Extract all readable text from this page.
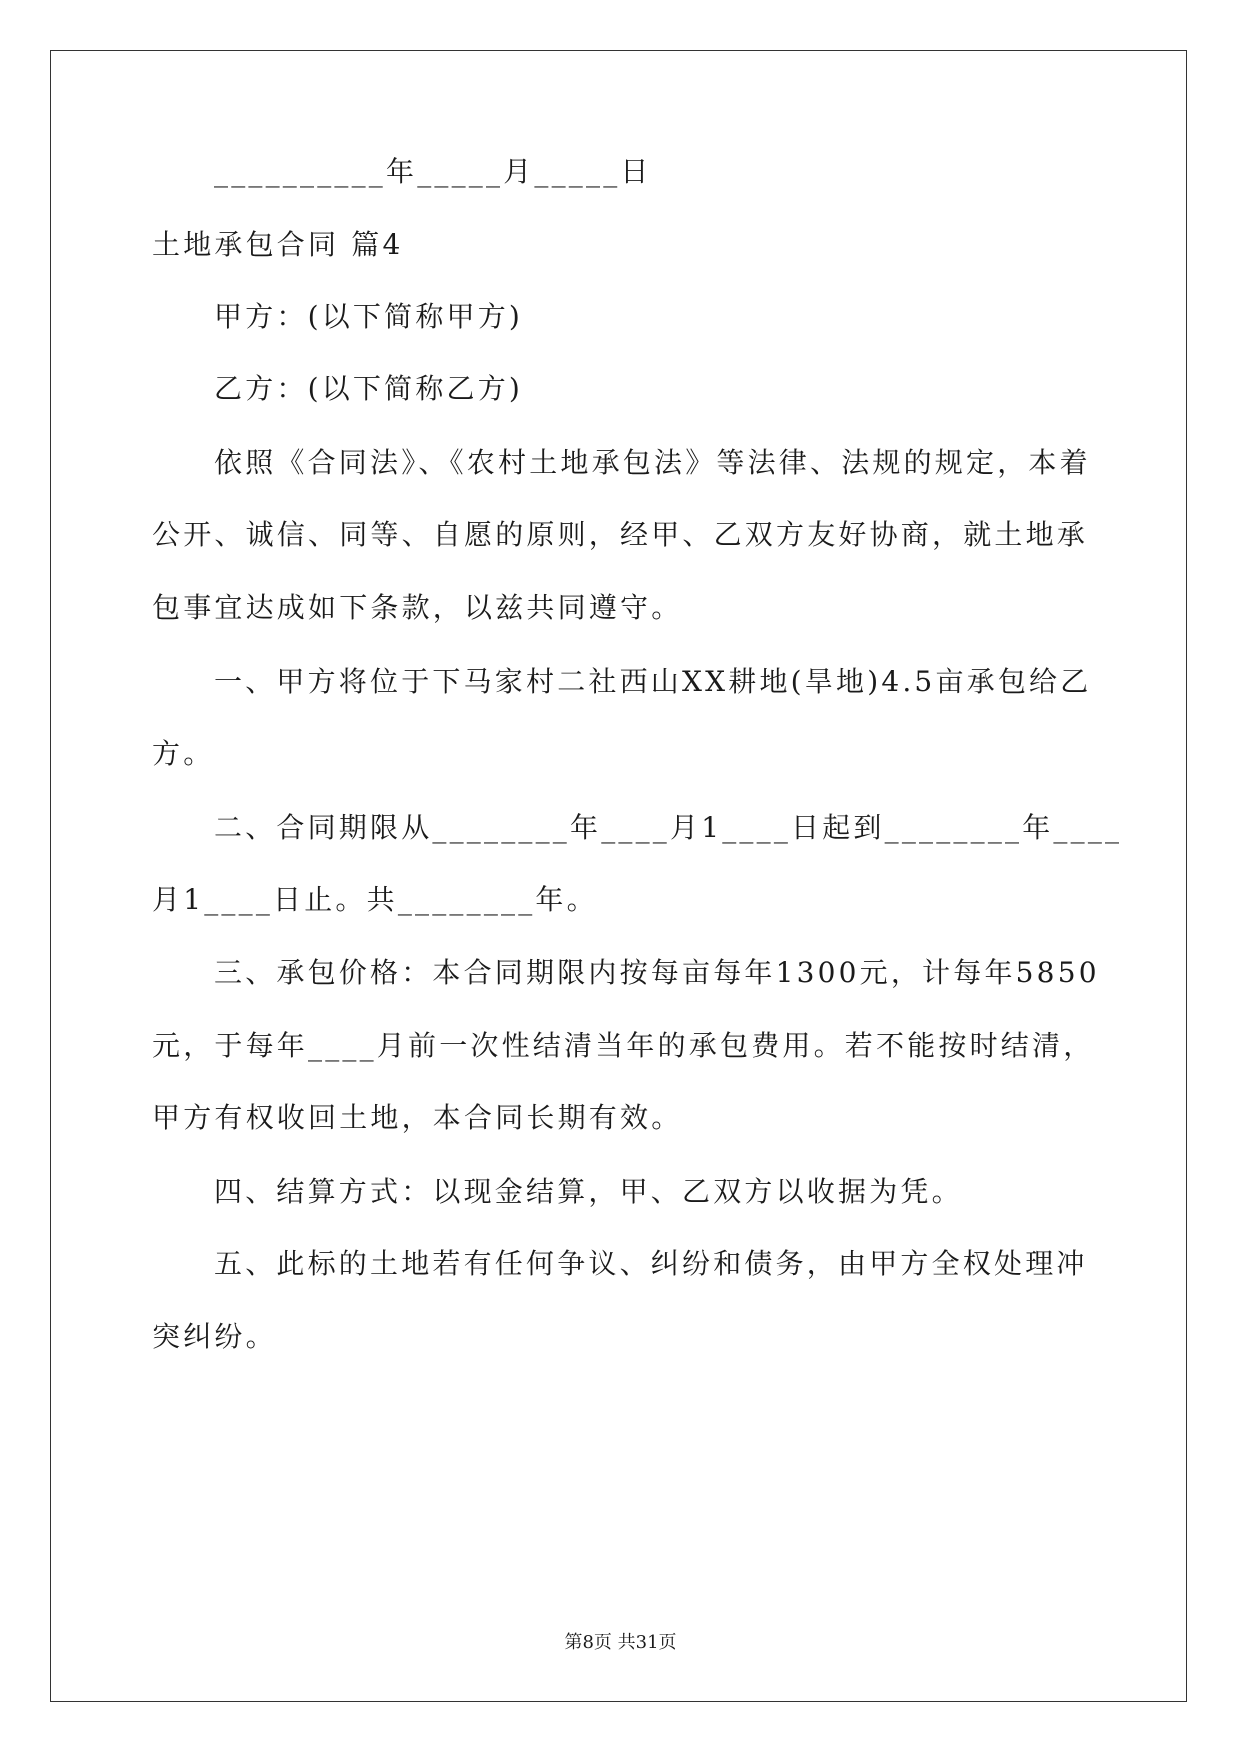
__________年_____月_____日
土地承包合同 篇4
甲方：(以下简称甲方)
乙方：(以下简称乙方)
依照《合同法》、《农村土地承包法》等法律、法规的规定，本着
公开、诚信、同等、自愿的原则，经甲、乙双方友好协商，就土地承
包事宜达成如下条款，以兹共同遵守。
一、甲方将位于下马家村二社西山XX耕地(旱地)4.5亩承包给乙
方。
二、合同期限从________年____月1____日起到________年____
月1____日止。共________年。
三、承包价格：本合同期限内按每亩每年1300元，计每年5850
元，于每年____月前一次性结清当年的承包费用。若不能按时结清，
甲方有权收回土地，本合同长期有效。
四、结算方式：以现金结算，甲、乙双方以收据为凭。
五、此标的土地若有任何争议、纠纷和债务，由甲方全权处理冲
突纠纷。
第8页 共31页
